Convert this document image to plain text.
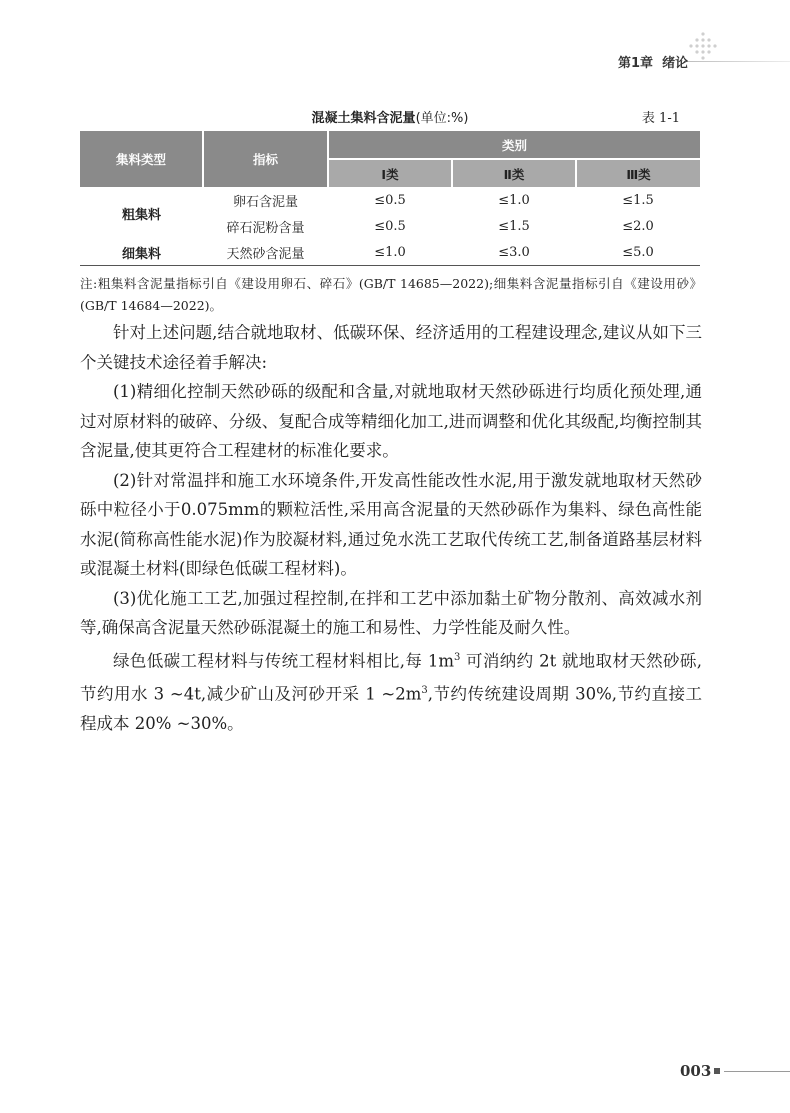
第1章 绪论
混凝土集料含泥量(单位:%)	表 1-1
集料类型	指标	类别		
		Ⅰ类	Ⅱ类	Ⅲ类
粗集料	卵石含泥量	≤0.5	≤1.0	≤1.5
	碎石泥粉含量	≤0.5	≤1.5	≤2.0
细集料	天然砂含泥量	≤1.0	≤3.0	≤5.0
注:粗集料含泥量指标引自《建设用卵石、碎石》(GB/T 14685—2022);细集料含泥量指标引自《建设用砂》(GB/T 14684—2022)。

针对上述问题,结合就地取材、低碳环保、经济适用的工程建设理念,建议从如下三个关键技术途径着手解决:

(1)精细化控制天然砂砾的级配和含量,对就地取材天然砂砾进行均质化预处理,通过对原材料的破碎、分级、复配合成等精细化加工,进而调整和优化其级配,均衡控制其含泥量,使其更符合工程建材的标准化要求。

(2)针对常温拌和施工水环境条件,开发高性能改性水泥,用于激发就地取材天然砂砾中粒径小于0.075mm的颗粒活性,采用高含泥量的天然砂砾作为集料、绿色高性能水泥(简称高性能水泥)作为胶凝材料,通过免水洗工艺取代传统工艺,制备道路基层材料或混凝土材料(即绿色低碳工程材料)。

(3)优化施工工艺,加强过程控制,在拌和工艺中添加黏土矿物分散剂、高效减水剂等,确保高含泥量天然砂砾混凝土的施工和易性、力学性能及耐久性。

绿色低碳工程材料与传统工程材料相比,每 $1m^3$ 可消纳约 2t 就地取材天然砂砾,节约用水 3 ~4t,减少矿山及河砂开采 1 $\sim 2m^3$,节约传统建设周期 30%,节约直接工程成本 20% ~30%。

003
